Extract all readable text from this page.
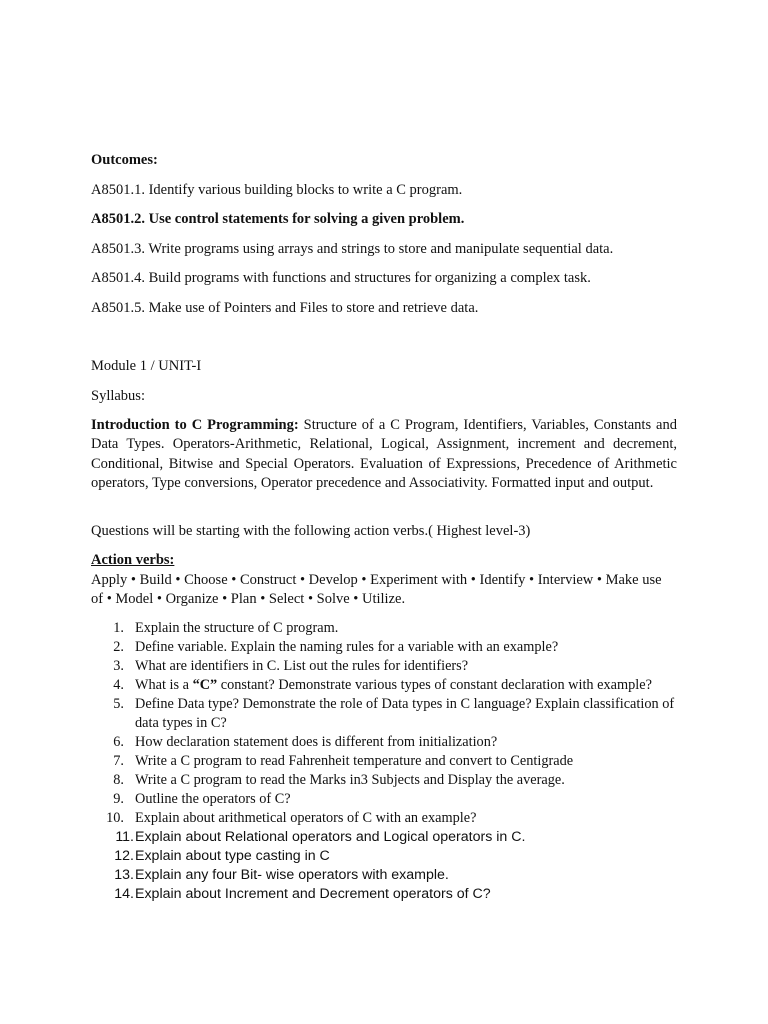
Outcomes:

A8501.1. Identify various building blocks to write a C program.

A8501.2. Use control statements for solving a given problem.

A8501.3. Write programs using arrays and strings to store and manipulate sequential data.

A8501.4. Build programs with functions and structures for organizing a complex task.

A8501.5. Make use of Pointers and Files to store and retrieve data.

Module 1 / UNIT-I

Syllabus:

Introduction to C Programming: Structure of a C Program, Identifiers, Variables, Constants and Data Types. Operators-Arithmetic, Relational, Logical, Assignment, increment and decrement, Conditional, Bitwise and Special Operators. Evaluation of Expressions, Precedence of Arithmetic operators, Type conversions, Operator precedence and Associativity. Formatted input and output.

Questions will be starting with the following action verbs.( Highest level-3)

Action verbs:
Apply • Build • Choose • Construct • Develop • Experiment with • Identify • Interview • Make use of • Model • Organize • Plan • Select • Solve • Utilize.
1. Explain the structure of C program.
2. Define variable. Explain the naming rules for a variable with an example?
3. What are identifiers in C. List out the rules for identifiers?
4. What is a “C” constant? Demonstrate various types of constant declaration with example?
5. Define Data type? Demonstrate the role of Data types in C language? Explain classification of data types in C?
6. How declaration statement does is different from initialization?
7. Write a C program to read Fahrenheit temperature and convert to Centigrade
8. Write a C program to read the Marks in3 Subjects and Display the average.
9. Outline the operators of C?
10. Explain about arithmetical operators of C with an example?
11. Explain about Relational operators and Logical operators in C.
12. Explain about type casting in C
13. Explain any four Bit- wise operators with example.
14. Explain about Increment and Decrement operators of C?
